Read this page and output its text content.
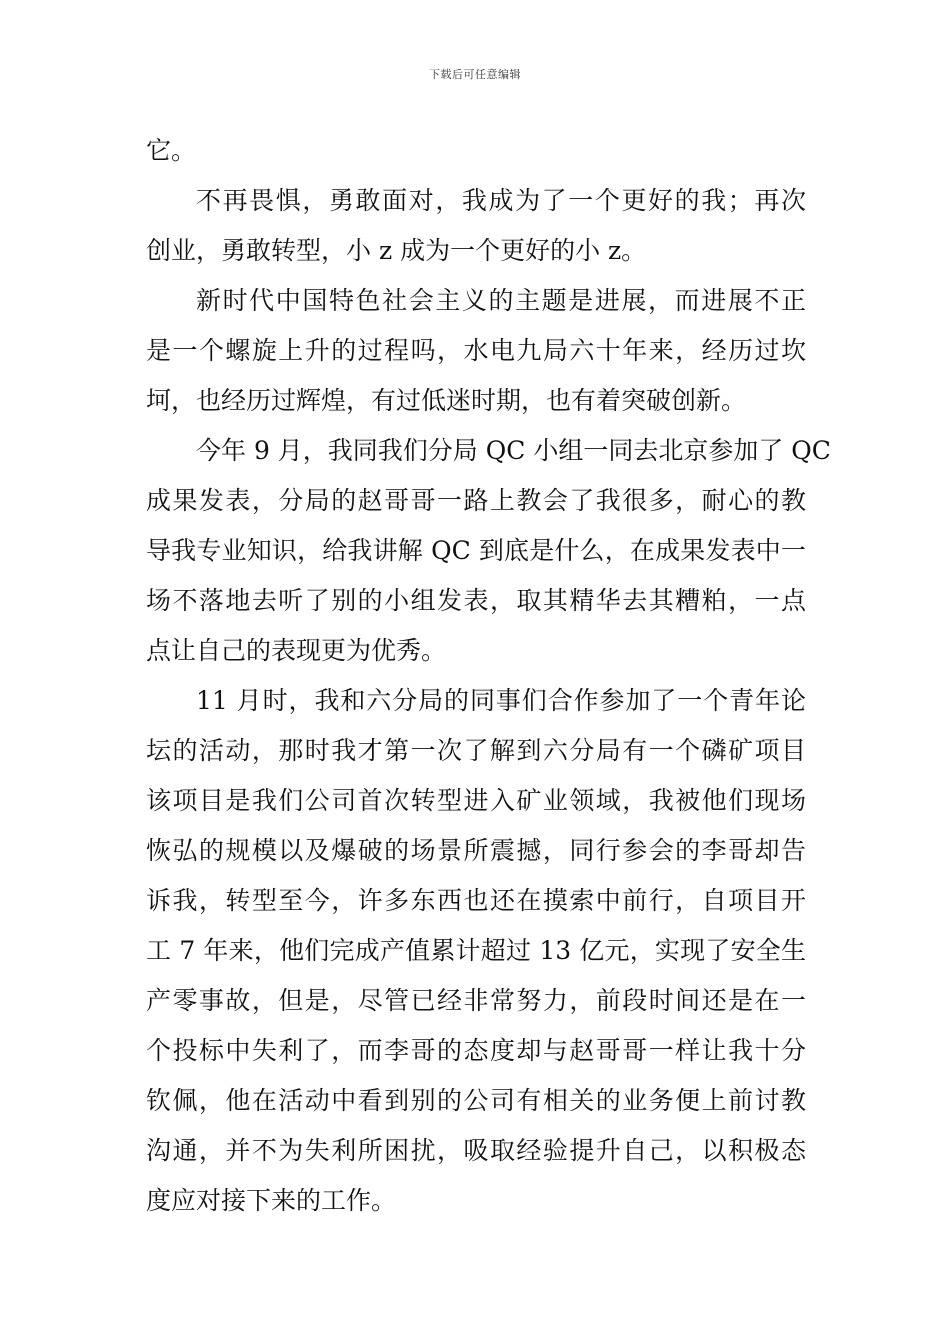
下载后可任意编辑
它。
不再畏惧，勇敢面对，我成为了一个更好的我；再次
创业，勇敢转型，小 z 成为一个更好的小 z。
新时代中国特色社会主义的主题是进展，而进展不正
是一个螺旋上升的过程吗，水电九局六十年来，经历过坎
坷，也经历过辉煌，有过低迷时期，也有着突破创新。
今年 9 月，我同我们分局 QC 小组一同去北京参加了 QC
成果发表，分局的赵哥哥一路上教会了我很多，耐心的教
导我专业知识，给我讲解 QC 到底是什么，在成果发表中一
场不落地去听了别的小组发表，取其精华去其糟粕，一点
点让自己的表现更为优秀。
11 月时，我和六分局的同事们合作参加了一个青年论
坛的活动，那时我才第一次了解到六分局有一个磷矿项目
该项目是我们公司首次转型进入矿业领域，我被他们现场
恢弘的规模以及爆破的场景所震撼，同行参会的李哥却告
诉我，转型至今，许多东西也还在摸索中前行，自项目开
工 7 年来，他们完成产值累计超过 13 亿元，实现了安全生
产零事故，但是，尽管已经非常努力，前段时间还是在一
个投标中失利了，而李哥的态度却与赵哥哥一样让我十分
钦佩，他在活动中看到别的公司有相关的业务便上前讨教
沟通，并不为失利所困扰，吸取经验提升自己，以积极态
度应对接下来的工作。
